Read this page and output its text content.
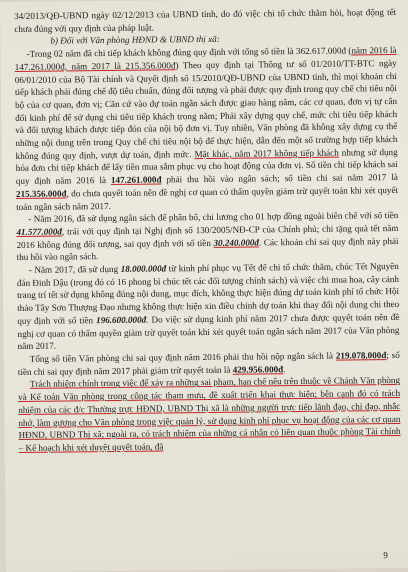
34/2013/QĐ-UBND ngày 02/12/2013 của UBND tỉnh, do đó việc chi tổ chức thăm hỏi, hoạt động tết chưa đúng với quy định của pháp luật.

b) Đối với Văn phòng HĐND & UBND thị xã:

-Trong 02 năm đã chi tiếp khách không đúng quy định với tổng số tiền là 362.617.000đ (năm 2016 là 147.261.000đ, năm 2017 là 215.356.000đ) Theo quy định tại Thông tư số 01/2010/TT-BTC ngày 06/01/2010 của Bộ Tài chính và Quyết định số 15/2010/QĐ-UBND của UBND tỉnh, thì mọi khoản chi tiếp khách phải đúng chế độ tiêu chuẩn, đúng đối tượng và phải được quy định trong quy chế chi tiêu nội bộ của cơ quan, đơn vị; Căn cứ vào dự toán ngân sách được giao hàng năm, các cơ quan, đơn vị tự cân đối kinh phí để sử dụng chi tiêu tiếp khách trong năm; Phải xây dựng quy chế, mức chi tiêu tiếp khách và đối tượng khách được tiếp đón của nội bộ đơn vị. Tuy nhiên, Văn phòng đã không xây dựng cụ thể những nội dung trên trong Quy chế chi tiêu nội bộ để thực hiện, dẫn đến một số trường hợp tiếp khách không đúng quy định, vượt dự toán, định mức. Mặt khác, năm 2017 không tiếp khách nhưng sử dụng hóa đơn chi tiếp khách để lấy tiền mua sắm phục vụ cho hoạt động của đơn vị. Số tiền chi tiếp khách sai quy định năm 2016 là 147.261.000đ phải thu hồi vào ngân sách; số tiền chi sai năm 2017 là 215.356.000đ, do chưa quyết toán nên đề nghị cơ quan có thẩm quyền giảm trừ quyết toán khi xét quyết toán ngân sách năm 2017.

- Năm 2016, đã sử dụng ngân sách để phân bổ, chi lương cho 01 hợp đồng ngoài biên chế với số tiền 41.577.000đ, trái với quy định tại Nghị định số 130/2005/NĐ-CP của Chính phủ; chi tặng quà tết năm 2016 không đúng đối tượng, sai quy định với số tiền 30.240.000đ. Các khoản chi sai quy định này phải thu hồi vào ngân sách.

- Năm 2017, đã sử dụng 18.000.000đ từ kinh phí phục vụ Tết để chi tổ chức thăm, chúc Tết Nguyên đán Đinh Dậu (trong đó có 16 phong bì chúc tết các đối tượng chính sách) và việc chi mua hoa, cây cảnh trang trí tết sử dụng không đúng nội dung, mục đích, không thực hiện đúng dự toán kinh phí tổ chức Hội thảo Tây Sơn Thượng Đạo nhưng không thực hiện xin điều chỉnh dự toán khi thay đổi nội dung chi theo quy định với số tiền 196.600.000đ. Do việc sử dụng kinh phí năm 2017 chưa được quyết toán nên đề nghị cơ quan có thẩm quyền giảm trừ quyết toán khi xét quyết toán ngân sách năm 2017 của Văn phòng năm 2017.

Tổng số tiền Văn phòng chi sai quy định năm 2016 phải thu hồi nộp ngân sách là 219.078.000đ; số tiền chi sai quy định năm 2017 phải giảm trừ quyết toán là 429.956.000đ.

Trách nhiệm chính trong việc để xảy ra những sai phạm, hạn chế nêu trên thuộc về Chánh Văn phòng và Kế toán Văn phòng trong công tác tham mưu, đề xuất triển khai thực hiện; bên cạnh đó có trách nhiệm của các đ/c Thường trực HĐND, UBND Thị xã là những người trực tiếp lãnh đạo, chỉ đạo, nhắc nhở, làm gương cho Văn phòng trong việc quản lý, sử dụng kinh phí phục vụ hoạt động của các cơ quan HĐND, UBND Thị xã; ngoài ra, có trách nhiệm của những cá nhân có liên quan thuộc phòng Tài chính – Kế hoạch khi xét duyệt quyết toán, đã

9
